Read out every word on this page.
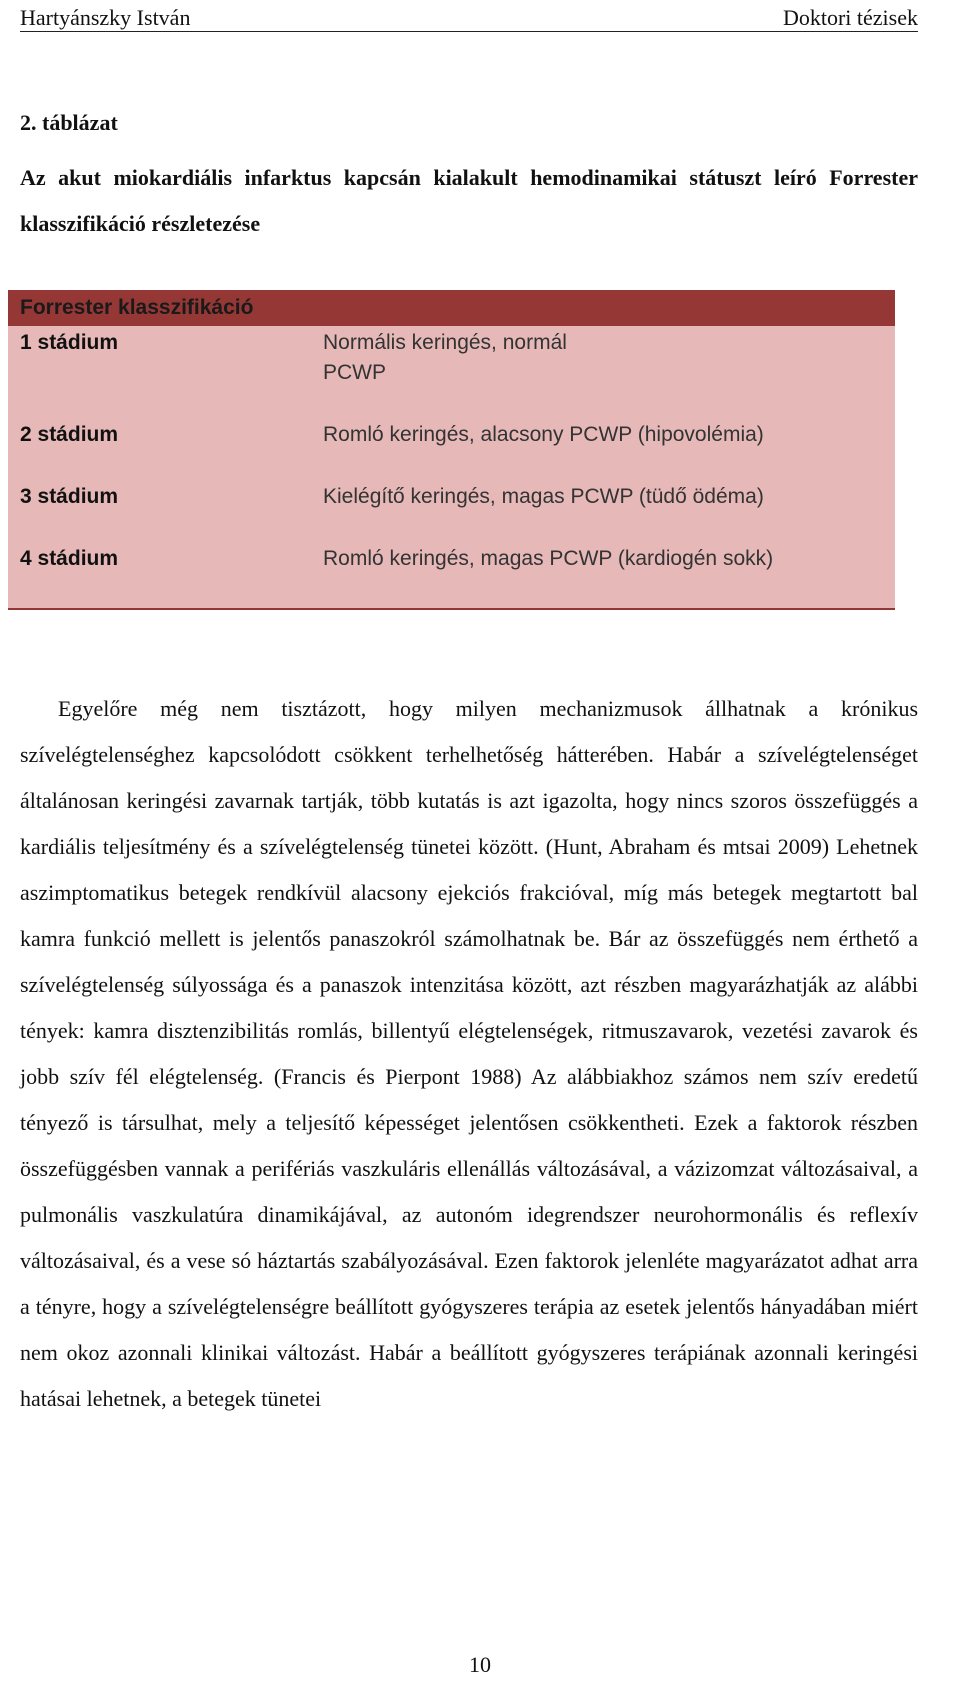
Hartyánszky István	Doktori tézisek
2. táblázat
Az akut miokardiális infarktus kapcsán kialakult hemodinamikai státuszt leíró Forrester klasszifikáció részletezése
Forrester klasszifikáció
1 stádium	Normális keringés, normál PCWP
2 stádium	Romló keringés, alacsony PCWP (hipovolémia)
3 stádium	Kielégítő keringés, magas PCWP (tüdő ödéma)
4 stádium	Romló keringés, magas PCWP (kardiogén sokk)
Egyelőre még nem tisztázott, hogy milyen mechanizmusok állhatnak a krónikus szívelégtelenséghez kapcsolódott csökkent terhelhetőség hátterében. Habár a szívelégtelenséget általánosan keringési zavarnak tartják, több kutatás is azt igazolta, hogy nincs szoros összefüggés a kardiális teljesítmény és a szívelégtelenség tünetei között. (Hunt, Abraham és mtsai 2009) Lehetnek aszimptomatikus betegek rendkívül alacsony ejekciós frakcióval, míg más betegek megtartott bal kamra funkció mellett is jelentős panaszokról számolhatnak be. Bár az összefüggés nem érthető a szívelégtelenség súlyossága és a panaszok intenzitása között, azt részben magyarázhatják az alábbi tények: kamra disztenzibilitás romlás, billentyű elégtelenségek, ritmuszavarok, vezetési zavarok és jobb szív fél elégtelenség. (Francis és Pierpont 1988) Az alábbiakhoz számos nem szív eredetű tényező is társulhat, mely a teljesítő képességet jelentősen csökkentheti. Ezek a faktorok részben összefüggésben vannak a perifériás vaszkuláris ellenállás változásával, a vázizomzat változásaival, a pulmonális vaszkulatúra dinamikájával, az autonóm idegrendszer neurohormonális és reflexív változásaival, és a vese só háztartás szabályozásával. Ezen faktorok jelenléte magyarázatot adhat arra a tényre, hogy a szívelégtelenségre beállított gyógyszeres terápia az esetek jelentős hányadában miért nem okoz azonnali klinikai változást. Habár a beállított gyógyszeres terápiának azonnali keringési hatásai lehetnek, a betegek tünetei
10
